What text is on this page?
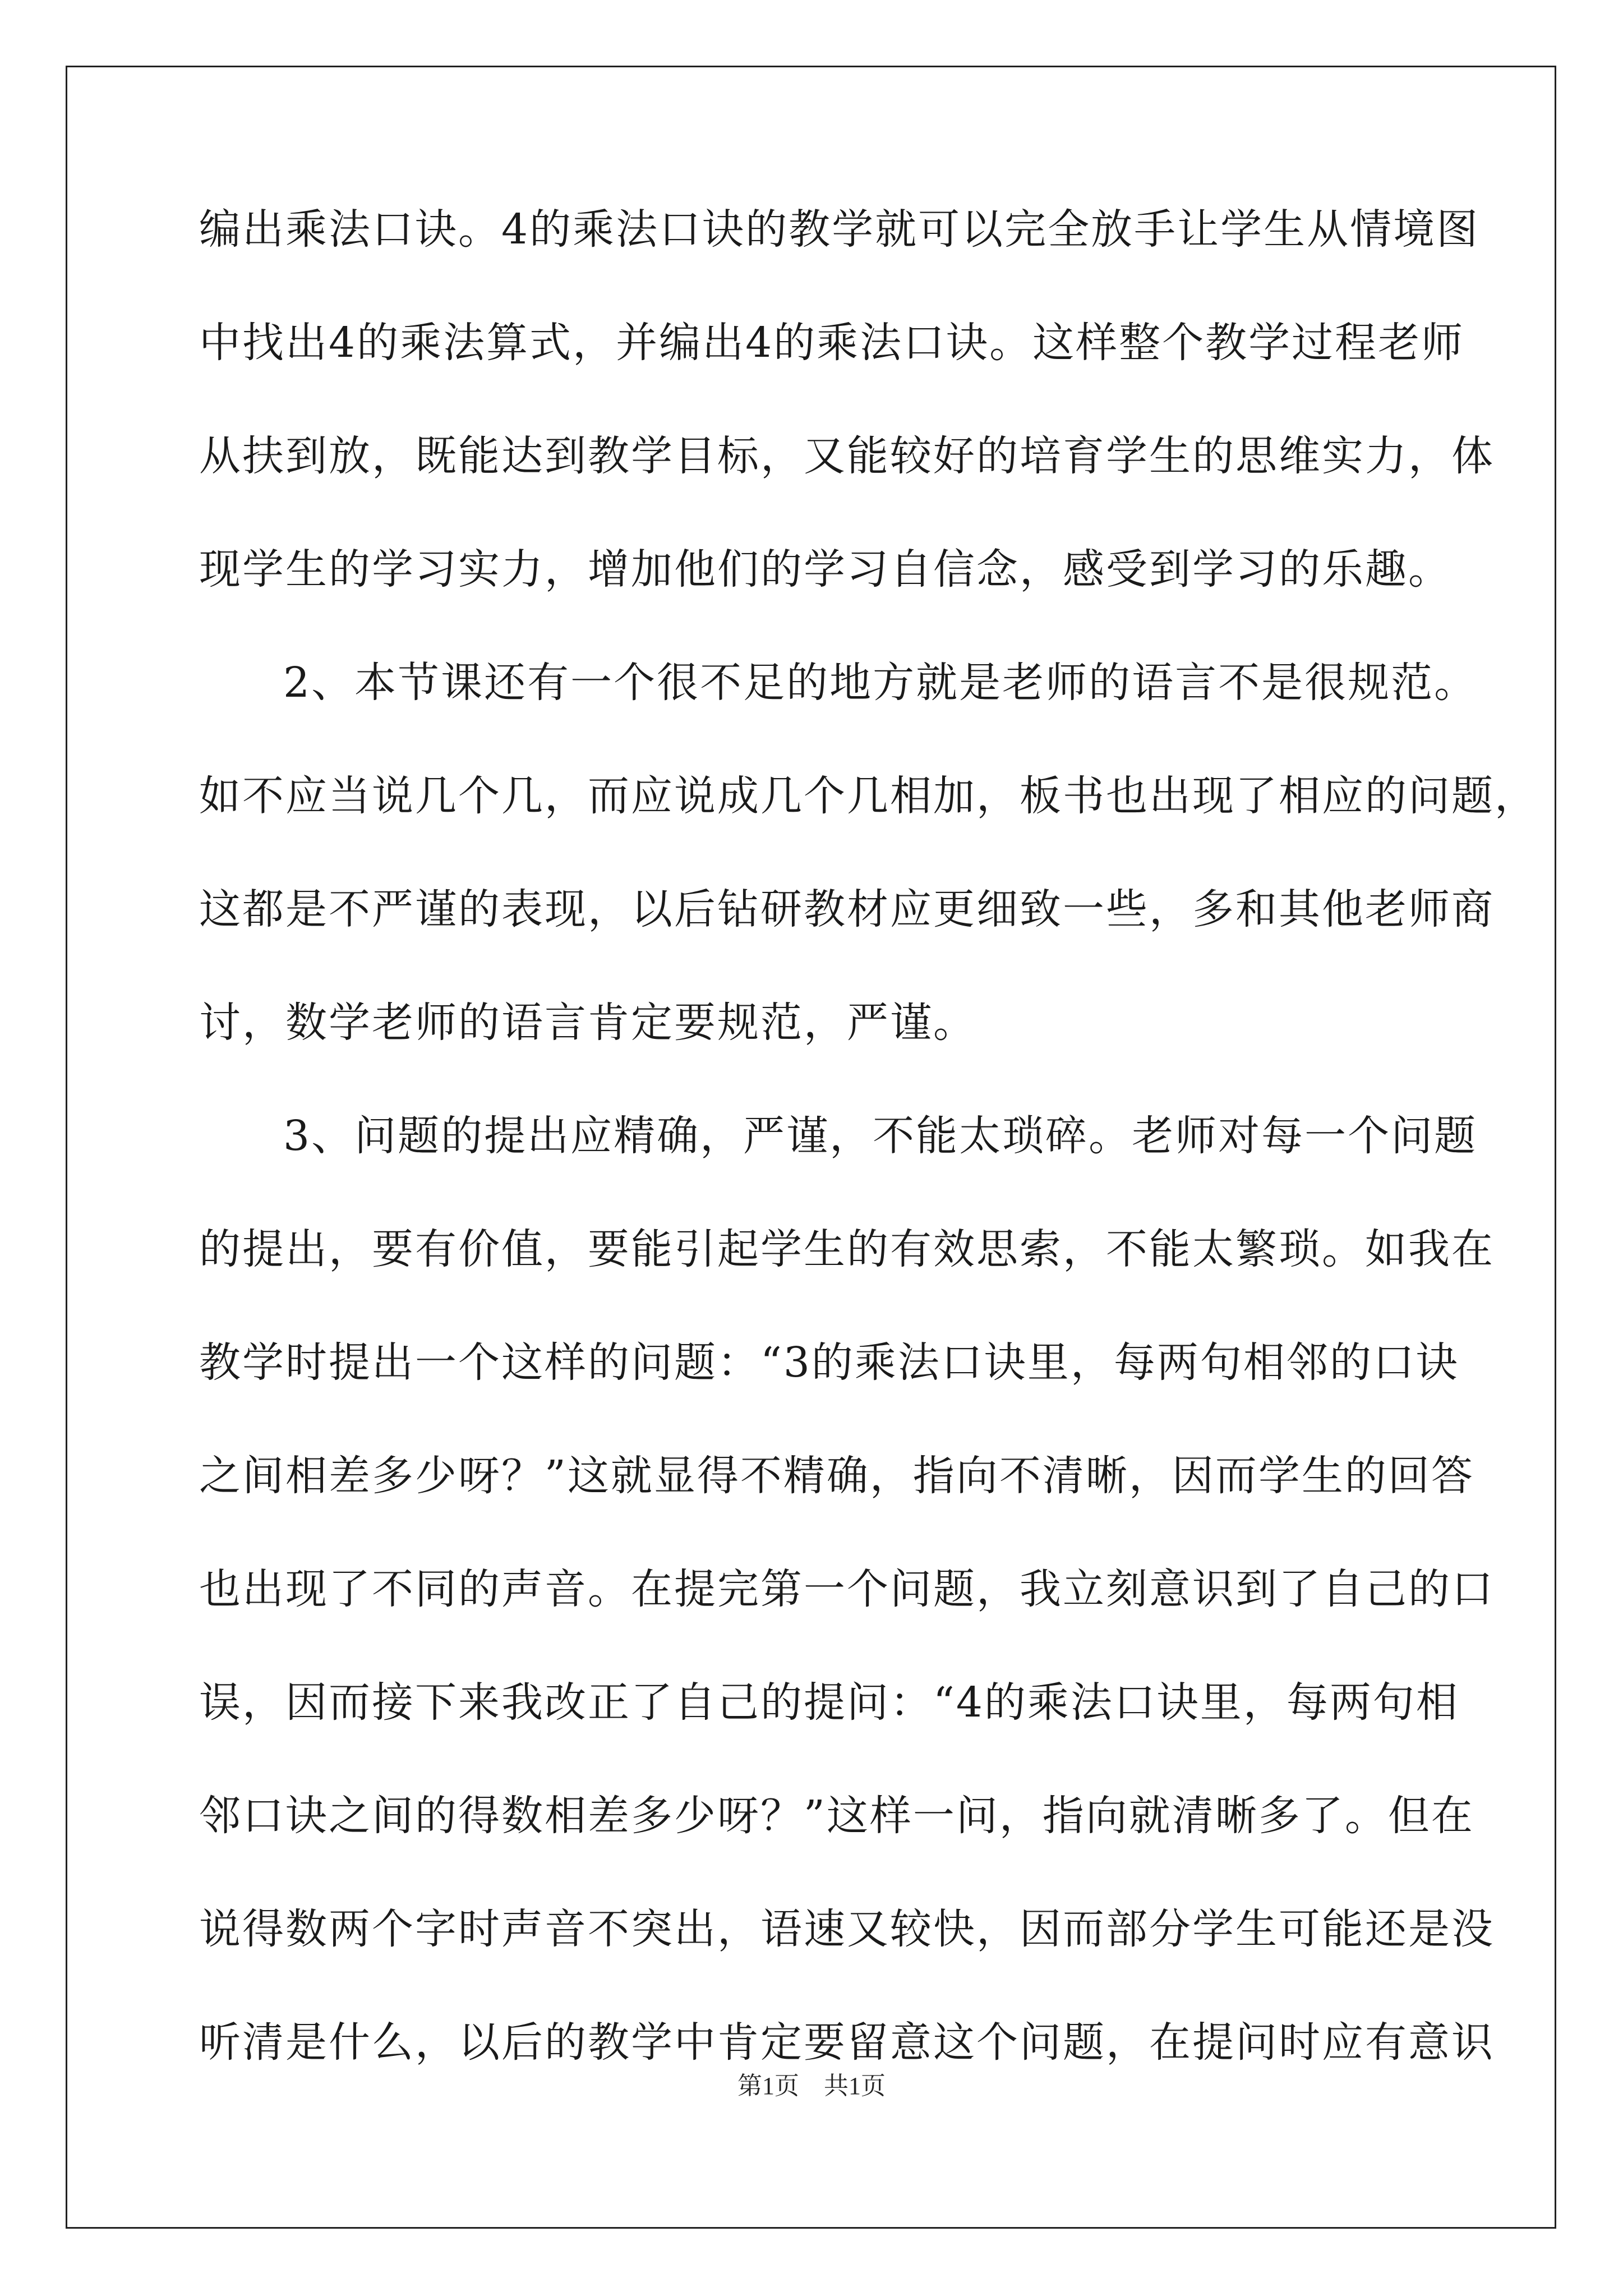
编出乘法口诀。4的乘法口诀的教学就可以完全放手让学生从情境图
中找出4的乘法算式，并编出4的乘法口诀。这样整个教学过程老师
从扶到放，既能达到教学目标，又能较好的培育学生的思维实力，体
现学生的学习实力，增加他们的学习自信念，感受到学习的乐趣。
2、本节课还有一个很不足的地方就是老师的语言不是很规范。
如不应当说几个几，而应说成几个几相加，板书也出现了相应的问题，
这都是不严谨的表现，以后钻研教材应更细致一些，多和其他老师商
讨，数学老师的语言肯定要规范，严谨。
3、问题的提出应精确，严谨，不能太琐碎。老师对每一个问题
的提出，要有价值，要能引起学生的有效思索，不能太繁琐。如我在
教学时提出一个这样的问题：“3的乘法口诀里，每两句相邻的口诀
之间相差多少呀？”这就显得不精确，指向不清晰，因而学生的回答
也出现了不同的声音。在提完第一个问题，我立刻意识到了自己的口
误，因而接下来我改正了自己的提问：“4的乘法口诀里，每两句相
邻口诀之间的得数相差多少呀？”这样一问，指向就清晰多了。但在
说得数两个字时声音不突出，语速又较快，因而部分学生可能还是没
听清是什么，以后的教学中肯定要留意这个问题，在提问时应有意识
第1页 共1页
